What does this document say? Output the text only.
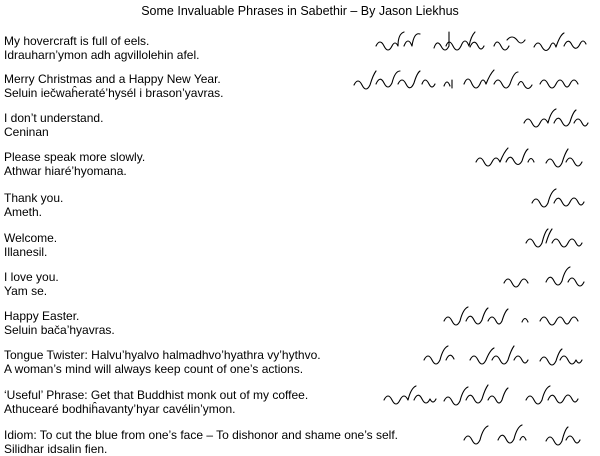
Some Invaluable Phrases in Sabethir – By Jason Liekhus
My hovercraft is full of eels.
Idrauharn’ymon adh agvillolehin afel.
Merry Christmas and a Happy New Year.
Seluin iečwaĥeraté’hysél i brason’yavras.
I don’t understand.
Ceninan
Please speak more slowly.
Athwar hiaré’hyomana.
Thank you.
Ameth.
Welcome.
Illanesil.
I love you.
Yam se.
Happy Easter.
Seluin bača’hyavras.
Tongue Twister: Halvu’hyalvo halmadhvo’hyathra vy’hythvo.
A woman’s mind will always keep count of one’s actions.
‘Useful’ Phrase: Get that Buddhist monk out of my coffee.
Athuceаré bodhiĥavanty’hyar cavélin’ymon.
Idiom: To cut the blue from one’s face – To dishonor and shame one’s self.
Silidhar idsalin fien.
